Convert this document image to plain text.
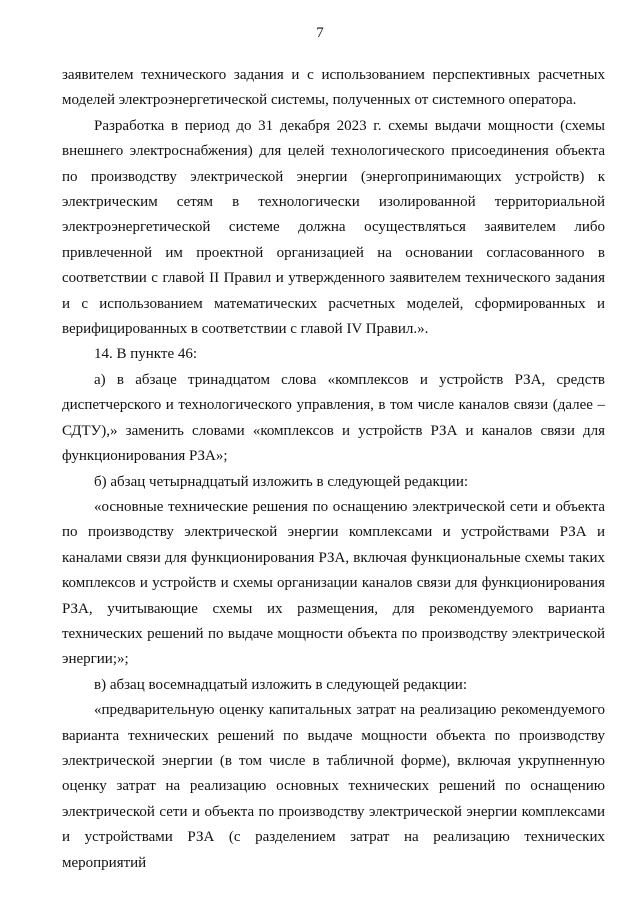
7

заявителем технического задания и с использованием перспективных расчетных моделей электроэнергетической системы, полученных от системного оператора.

Разработка в период до 31 декабря 2023 г. схемы выдачи мощности (схемы внешнего электроснабжения) для целей технологического присоединения объекта по производству электрической энергии (энергопринимающих устройств) к электрическим сетям в технологически изолированной территориальной электроэнергетической системе должна осуществляться заявителем либо привлеченной им проектной организацией на основании согласованного в соответствии с главой II Правил и утвержденного заявителем технического задания и с использованием математических расчетных моделей, сформированных и верифицированных в соответствии с главой IV Правил.».

14. В пункте 46:

а) в абзаце тринадцатом слова «комплексов и устройств РЗА, средств диспетчерского и технологического управления, в том числе каналов связи (далее – СДТУ),» заменить словами «комплексов и устройств РЗА и каналов связи для функционирования РЗА»;

б) абзац четырнадцатый изложить в следующей редакции:

«основные технические решения по оснащению электрической сети и объекта по производству электрической энергии комплексами и устройствами РЗА и каналами связи для функционирования РЗА, включая функциональные схемы таких комплексов и устройств и схемы организации каналов связи для функционирования РЗА, учитывающие схемы их размещения, для рекомендуемого варианта технических решений по выдаче мощности объекта по производству электрической энергии;»;

в) абзац восемнадцатый изложить в следующей редакции:

«предварительную оценку капитальных затрат на реализацию рекомендуемого варианта технических решений по выдаче мощности объекта по производству электрической энергии (в том числе в табличной форме), включая укрупненную оценку затрат на реализацию основных технических решений по оснащению электрической сети и объекта по производству электрической энергии комплексами и устройствами РЗА (с разделением затрат на реализацию технических мероприятий
